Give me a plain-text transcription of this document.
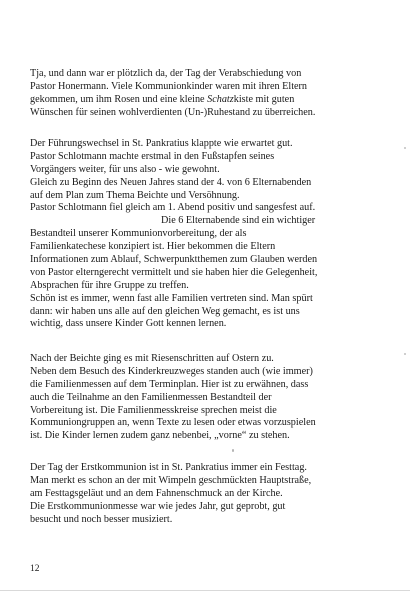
Tja, und dann war er plötzlich da, der Tag der Verabschiedung von
Pastor Honermann. Viele Kommunionkinder waren mit ihren Eltern
gekommen, um ihm Rosen und eine kleine Schatzkiste mit guten
Wünschen für seinen wohlverdienten (Un-)Ruhestand zu überreichen.
Der Führungswechsel in St. Pankratius klappte wie erwartet gut.
Pastor Schlotmann machte erstmal in den Fußstapfen seines
Vorgängers weiter, für uns also - wie gewohnt.
Gleich zu Beginn des Neuen Jahres stand der 4. von 6 Elternabenden
auf dem Plan zum Thema Beichte und Versöhnung.
Pastor Schlotmann fiel gleich am 1. Abend positiv und sangesfest auf.
Die 6 Elternabende sind ein wichtiger
Bestandteil unserer Kommunionvorbereitung, der als
Familienkatechese konzipiert ist. Hier bekommen die Eltern
Informationen zum Ablauf, Schwerpunktthemen zum Glauben werden
von Pastor elterngerecht vermittelt und sie haben hier die Gelegenheit,
Absprachen für ihre Gruppe zu treffen.
Schön ist es immer, wenn fast alle Familien vertreten sind. Man spürt
dann: wir haben uns alle auf den gleichen Weg gemacht, es ist uns
wichtig, dass unsere Kinder Gott kennen lernen.
Nach der Beichte ging es mit Riesenschritten auf Ostern zu.
Neben dem Besuch des Kinderkreuzweges standen auch (wie immer)
die Familienmessen auf dem Terminplan. Hier ist zu erwähnen, dass
auch die Teilnahme an den Familienmessen Bestandteil der
Vorbereitung ist. Die Familienmesskreise sprechen meist die
Kommuniongruppen an, wenn Texte zu lesen oder etwas vorzuspielen
ist. Die Kinder lernen zudem ganz nebenbei, „vorne“ zu stehen.
Der Tag der Erstkommunion ist in St. Pankratius immer ein Festtag.
Man merkt es schon an der mit Wimpeln geschmückten Hauptstraße,
am Festtagsgeläut und an dem Fahnenschmuck an der Kirche.
Die Erstkommunionmesse war wie jedes Jahr, gut geprobt, gut
besucht und noch besser musiziert.
12
